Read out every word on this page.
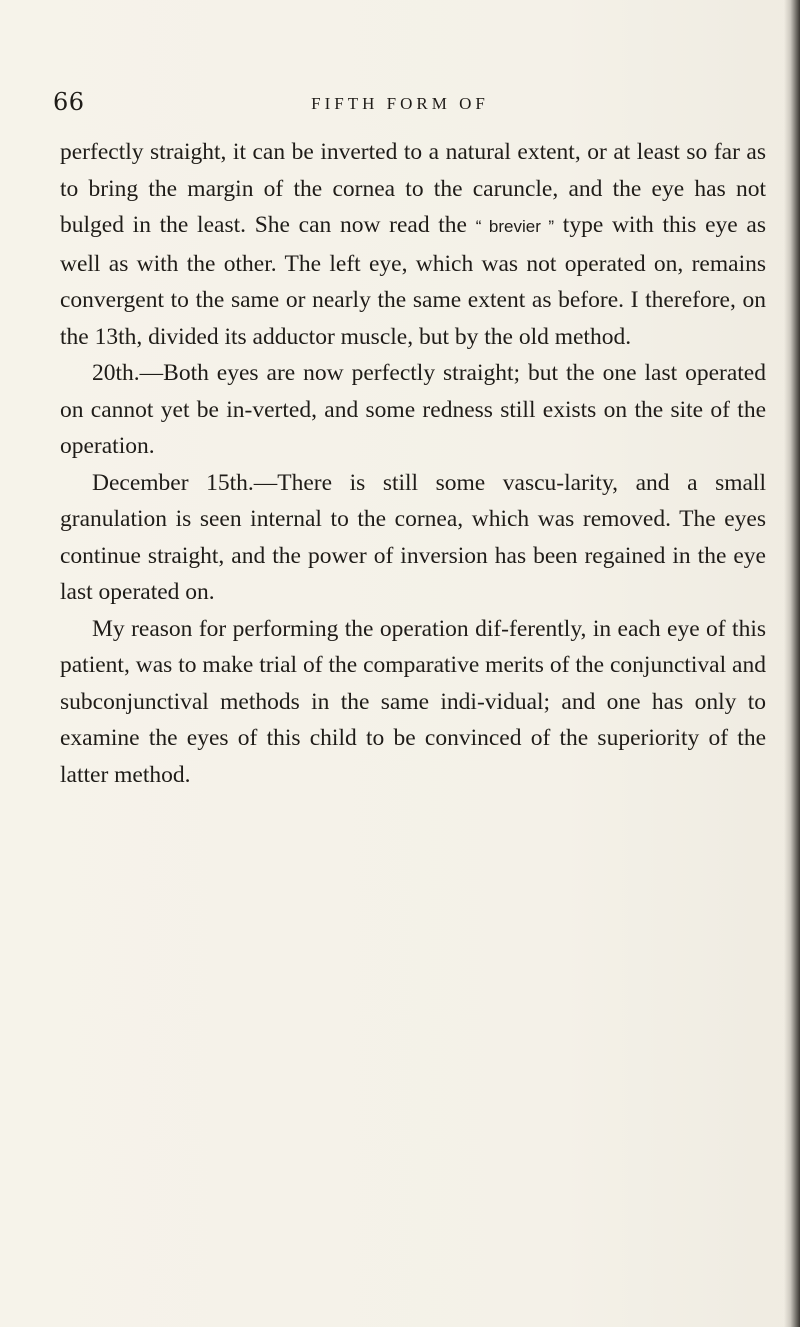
66	FIFTH FORM OF

perfectly straight, it can be inverted to a natural extent, or at least so far as to bring the margin of the cornea to the caruncle, and the eye has not bulged in the least. She can now read the “ brevier ” type with this eye as well as with the other. The left eye, which was not operated on, remains convergent to the same or nearly the same extent as before. I therefore, on the 13th, divided its adductor muscle, but by the old method.

20th.—Both eyes are now perfectly straight; but the one last operated on cannot yet be in-verted, and some redness still exists on the site of the operation.

December 15th.—There is still some vascu-larity, and a small granulation is seen internal to the cornea, which was removed. The eyes continue straight, and the power of inversion has been regained in the eye last operated on.

My reason for performing the operation dif-ferently, in each eye of this patient, was to make trial of the comparative merits of the conjunctival and subconjunctival methods in the same indi-vidual; and one has only to examine the eyes of this child to be convinced of the superiority of the latter method.
